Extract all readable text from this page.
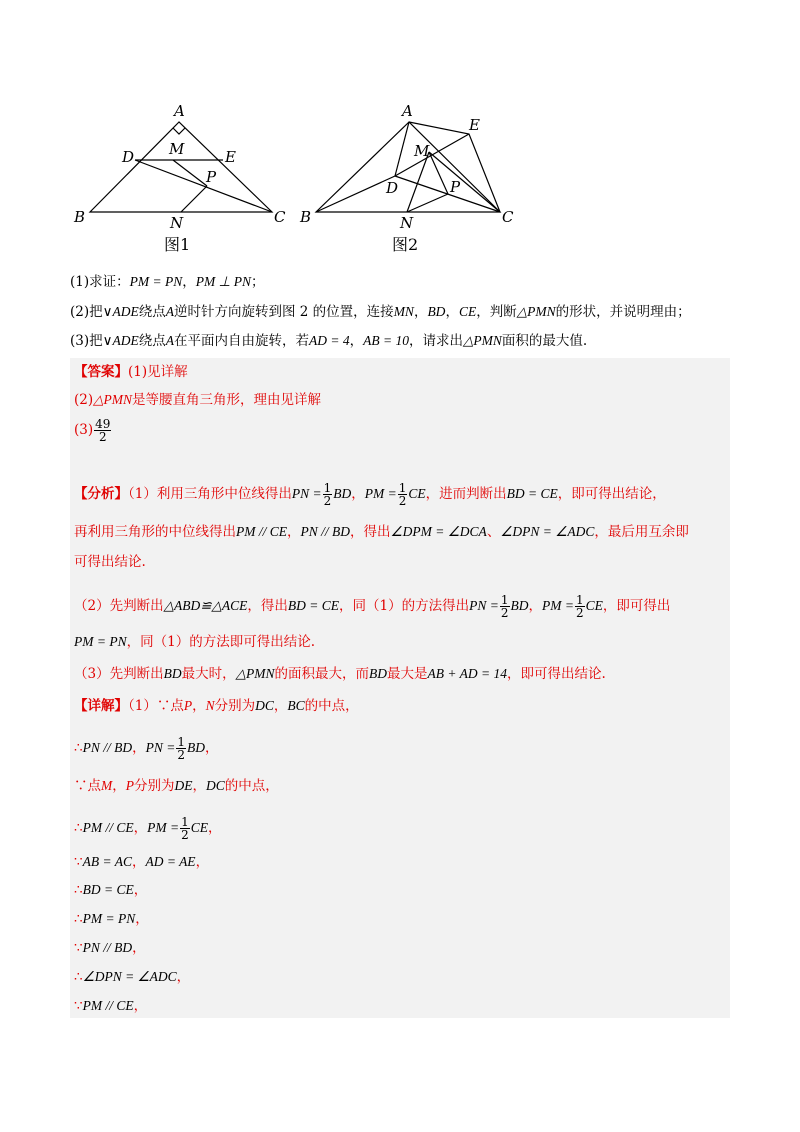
A
D M	E
P
B	N	C
图1
A
E
M
D	P
B	N	C
图2
(1)求证：PM = PN，PM ⊥ PN；
(2)把∨ADE绕点A逆时针方向旋转到图 2 的位置，连接MN，BD，CE，判断△PMN的形状，并说明理由；
(3)把∨ADE绕点A在平面内自由旋转，若AD = 4，AB = 10，请求出△PMN面积的最大值.
【答案】(1)见详解
(2)△PMN是等腰直角三角形，理由见详解
$(3) \frac{49}{2}$
【分析】（1）利用三角形中位线得出PN = $\frac{1}{2}$ BD，PM = $\frac{1}{2}$ CE，进而判断出BD = CE，即可得出结论，
再利用三角形的中位线得出PM // CE，PN // BD，得出∠DPM = ∠DCA、∠DPN = ∠ADC，最后用互余即
可得出结论.
（2）先判断出△ABD≌△ACE，得出BD = CE，同（1）的方法得出PN = $\frac{1}{2}$ BD，PM = $\frac{1}{2}$ CE，即可得出
PM = PN，同（1）的方法即可得出结论.
（3）先判断出BD最大时，△PMN的面积最大，而BD最大是AB + AD = 14，即可得出结论.
【详解】（1）∵点P，N分别为DC，BC的中点，
∴PN // BD，PN = $\frac{1}{2}$ BD，
∵点M，P分别为DE，DC的中点，
∴PM // CE，PM = $\frac{1}{2}$ CE，
∵AB = AC，AD = AE，
∴BD = CE，
∴PM = PN，
∵PN // BD，
∴∠DPN = ∠ADC，
∵PM // CE，
